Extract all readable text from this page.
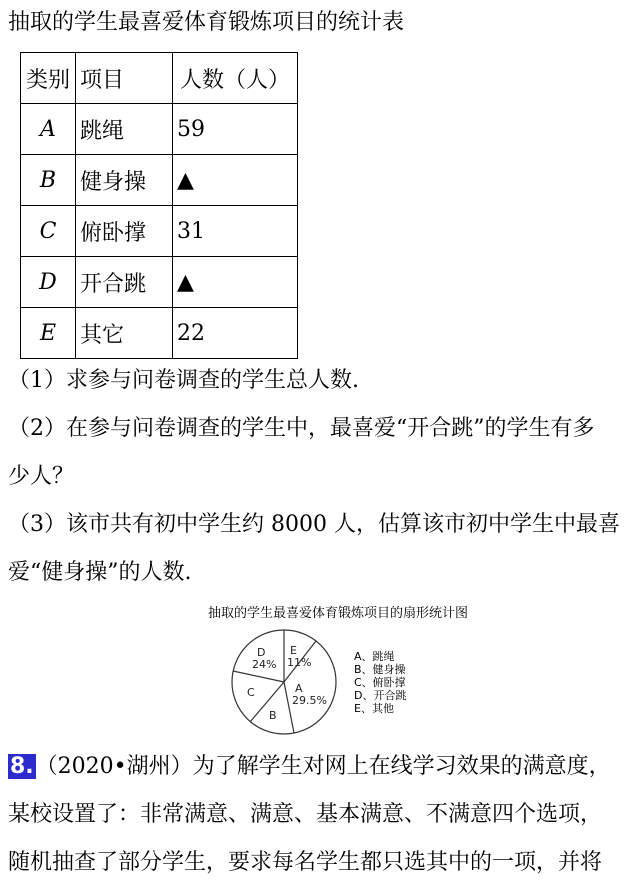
抽取的学生最喜爱体育锻炼项目的统计表
类别	项目	人数（人）
A	跳绳	59
B	健身操	▲
C	俯卧撑	31
D	开合跳	▲
E	其它	22
（1）求参与问卷调查的学生总人数.
（2）在参与问卷调查的学生中，最喜爱“开合跳”的学生有多
少人？
（3）该市共有初中学生约 8000 人，估算该市初中学生中最喜
爱“健身操”的人数.
抽取的学生最喜爱体育锻炼项目的扇形统计图
D
24%
E
11%
A
29.5%
C
B
A、跳绳
B、健身操
C、俯卧撑
D、开合跳
E、其他
8.（2020•湖州）为了解学生对网上在线学习效果的满意度，
某校设置了：非常满意、满意、基本满意、不满意四个选项，
随机抽查了部分学生，要求每名学生都只选其中的一项，并将
